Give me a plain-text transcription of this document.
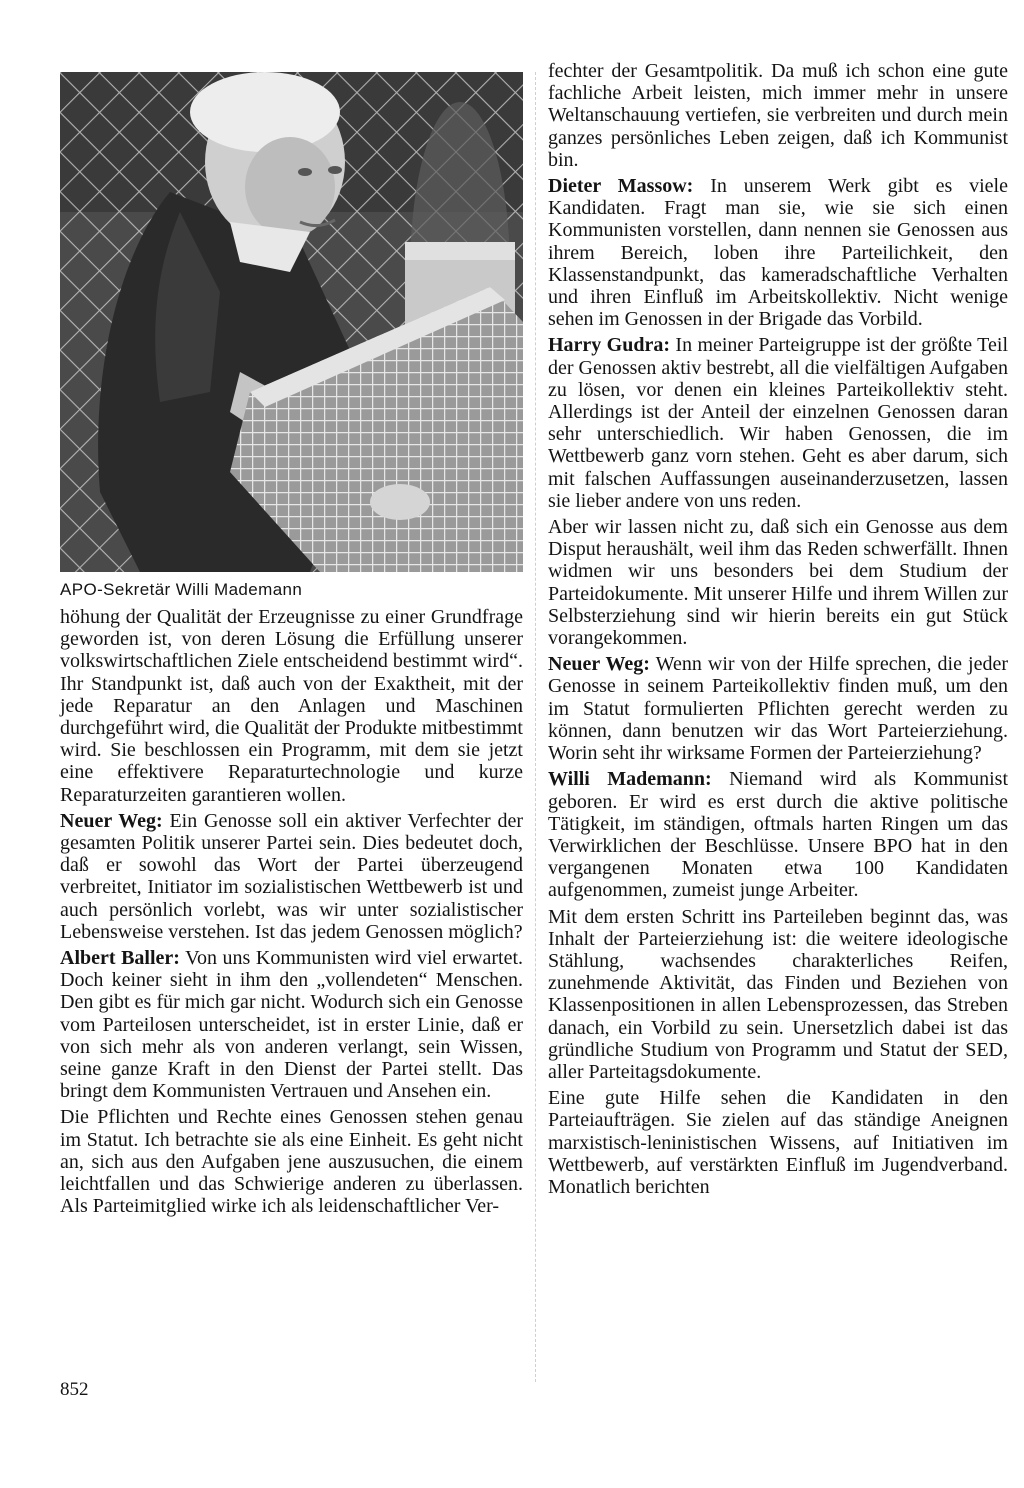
APO-Sekretär Willi Mademann

höhung der Qualität der Erzeugnisse zu einer Grundfrage geworden ist, von deren Lösung die Erfüllung unserer volkswirtschaftlichen Ziele entscheidend bestimmt wird“. Ihr Standpunkt ist, daß auch von der Exaktheit, mit der jede Reparatur an den Anlagen und Maschinen durchgeführt wird, die Qualität der Produkte mitbestimmt wird. Sie beschlossen ein Programm, mit dem sie jetzt eine effektivere Reparaturtechnologie und kurze Reparaturzeiten garantieren wollen.

Neuer Weg: Ein Genosse soll ein aktiver Verfechter der gesamten Politik unserer Partei sein. Dies bedeutet doch, daß er sowohl das Wort der Partei überzeugend verbreitet, Initiator im sozialistischen Wettbewerb ist und auch persönlich vorlebt, was wir unter sozialistischer Lebensweise verstehen. Ist das jedem Genossen möglich?

Albert Baller: Von uns Kommunisten wird viel erwartet. Doch keiner sieht in ihm den „vollendeten“ Menschen. Den gibt es für mich gar nicht. Wodurch sich ein Genosse vom Parteilosen unterscheidet, ist in erster Linie, daß er von sich mehr als von anderen verlangt, sein Wissen, seine ganze Kraft in den Dienst der Partei stellt. Das bringt dem Kommunisten Vertrauen und Ansehen ein.

Die Pflichten und Rechte eines Genossen stehen genau im Statut. Ich betrachte sie als eine Einheit. Es geht nicht an, sich aus den Aufgaben jene auszusuchen, die einem leichtfallen und das Schwierige anderen zu überlassen. Als Parteimitglied wirke ich als leidenschaftlicher Ver-

fechter der Gesamtpolitik. Da muß ich schon eine gute fachliche Arbeit leisten, mich immer mehr in unsere Weltanschauung vertiefen, sie verbreiten und durch mein ganzes persönliches Leben zeigen, daß ich Kommunist bin.

Dieter Massow: In unserem Werk gibt es viele Kandidaten. Fragt man sie, wie sie sich einen Kommunisten vorstellen, dann nennen sie Genossen aus ihrem Bereich, loben ihre Parteilichkeit, den Klassenstandpunkt, das kameradschaftliche Verhalten und ihren Einfluß im Arbeitskollektiv. Nicht wenige sehen im Genossen in der Brigade das Vorbild.

Harry Gudra: In meiner Parteigruppe ist der größte Teil der Genossen aktiv bestrebt, all die vielfältigen Aufgaben zu lösen, vor denen ein kleines Parteikollektiv steht. Allerdings ist der Anteil der einzelnen Genossen daran sehr unterschiedlich. Wir haben Genossen, die im Wettbewerb ganz vorn stehen. Geht es aber darum, sich mit falschen Auffassungen auseinanderzusetzen, lassen sie lieber andere von uns reden.

Aber wir lassen nicht zu, daß sich ein Genosse aus dem Disput heraushält, weil ihm das Reden schwerfällt. Ihnen widmen wir uns besonders bei dem Studium der Parteidokumente. Mit unserer Hilfe und ihrem Willen zur Selbsterziehung sind wir hierin bereits ein gut Stück vorangekommen.

Neuer Weg: Wenn wir von der Hilfe sprechen, die jeder Genosse in seinem Parteikollektiv finden muß, um den im Statut formulierten Pflichten gerecht werden zu können, dann benutzen wir das Wort Parteierziehung. Worin seht ihr wirksame Formen der Parteierziehung?

Willi Mademann: Niemand wird als Kommunist geboren. Er wird es erst durch die aktive politische Tätigkeit, im ständigen, oftmals harten Ringen um das Verwirklichen der Beschlüsse. Unsere BPO hat in den vergangenen Monaten etwa 100 Kandidaten aufgenommen, zumeist junge Arbeiter.

Mit dem ersten Schritt ins Parteileben beginnt das, was Inhalt der Parteierziehung ist: die weitere ideologische Stählung, wachsendes charakterliches Reifen, zunehmende Aktivität, das Finden und Beziehen von Klassenpositionen in allen Lebensprozessen, das Streben danach, ein Vorbild zu sein. Unersetzlich dabei ist das gründliche Studium von Programm und Statut der SED, aller Parteitagsdokumente.

Eine gute Hilfe sehen die Kandidaten in den Parteiaufträgen. Sie zielen auf das ständige Aneignen marxistisch-leninistischen Wissens, auf Initiativen im Wettbewerb, auf verstärkten Einfluß im Jugendverband. Monatlich berichten

852
